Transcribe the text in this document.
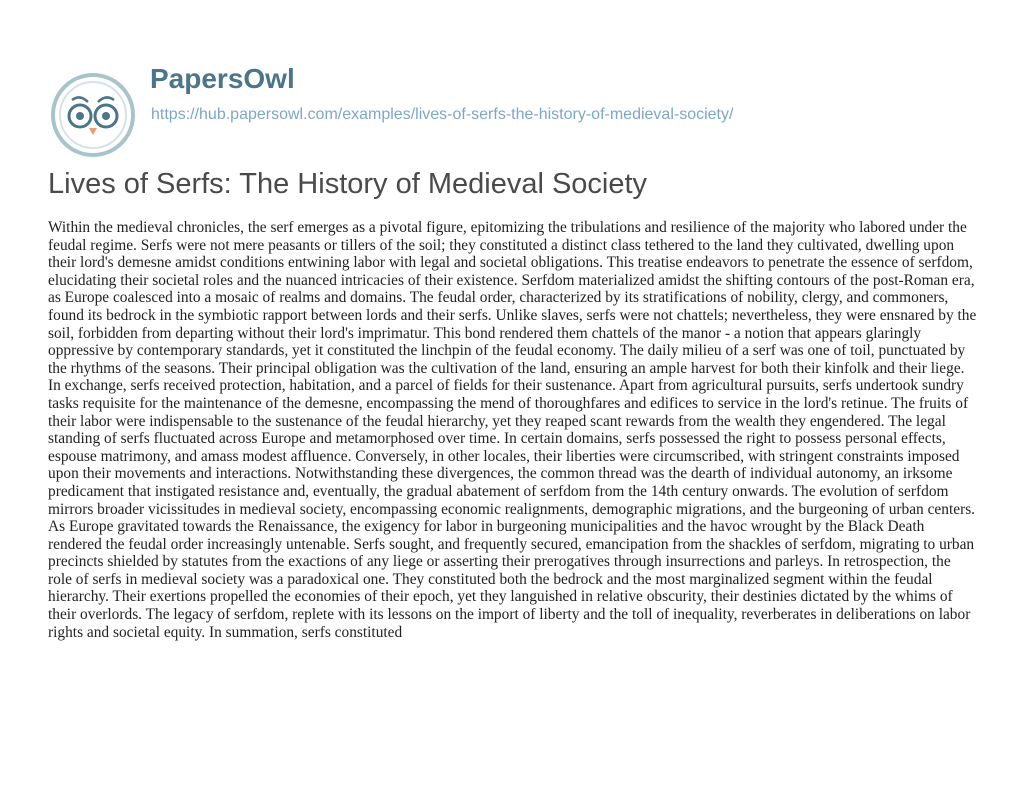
PapersOwl
https://hub.papersowl.com/examples/lives-of-serfs-the-history-of-medieval-society/
Lives of Serfs: The History of Medieval Society

Within the medieval chronicles, the serf emerges as a pivotal figure, epitomizing the tribulations and resilience of the majority who labored under the feudal regime. Serfs were not mere peasants or tillers of the soil; they constituted a distinct class tethered to the land they cultivated, dwelling upon their lord's demesne amidst conditions entwining labor with legal and societal obligations. This treatise endeavors to penetrate the essence of serfdom, elucidating their societal roles and the nuanced intricacies of their existence. Serfdom materialized amidst the shifting contours of the post-Roman era, as Europe coalesced into a mosaic of realms and domains. The feudal order, characterized by its stratifications of nobility, clergy, and commoners, found its bedrock in the symbiotic rapport between lords and their serfs. Unlike slaves, serfs were not chattels; nevertheless, they were ensnared by the soil, forbidden from departing without their lord's imprimatur. This bond rendered them chattels of the manor - a notion that appears glaringly oppressive by contemporary standards, yet it constituted the linchpin of the feudal economy. The daily milieu of a serf was one of toil, punctuated by the rhythms of the seasons. Their principal obligation was the cultivation of the land, ensuring an ample harvest for both their kinfolk and their liege. In exchange, serfs received protection, habitation, and a parcel of fields for their sustenance. Apart from agricultural pursuits, serfs undertook sundry tasks requisite for the maintenance of the demesne, encompassing the mend of thoroughfares and edifices to service in the lord's retinue. The fruits of their labor were indispensable to the sustenance of the feudal hierarchy, yet they reaped scant rewards from the wealth they engendered. The legal standing of serfs fluctuated across Europe and metamorphosed over time. In certain domains, serfs possessed the right to possess personal effects, espouse matrimony, and amass modest affluence. Conversely, in other locales, their liberties were circumscribed, with stringent constraints imposed upon their movements and interactions. Notwithstanding these divergences, the common thread was the dearth of individual autonomy, an irksome predicament that instigated resistance and, eventually, the gradual abatement of serfdom from the 14th century onwards. The evolution of serfdom mirrors broader vicissitudes in medieval society, encompassing economic realignments, demographic migrations, and the burgeoning of urban centers. As Europe gravitated towards the Renaissance, the exigency for labor in burgeoning municipalities and the havoc wrought by the Black Death rendered the feudal order increasingly untenable. Serfs sought, and frequently secured, emancipation from the shackles of serfdom, migrating to urban precincts shielded by statutes from the exactions of any liege or asserting their prerogatives through insurrections and parleys. In retrospection, the role of serfs in medieval society was a paradoxical one. They constituted both the bedrock and the most marginalized segment within the feudal hierarchy. Their exertions propelled the economies of their epoch, yet they languished in relative obscurity, their destinies dictated by the whims of their overlords. The legacy of serfdom, replete with its lessons on the import of liberty and the toll of inequality, reverberates in deliberations on labor rights and societal equity. In summation, serfs constituted
